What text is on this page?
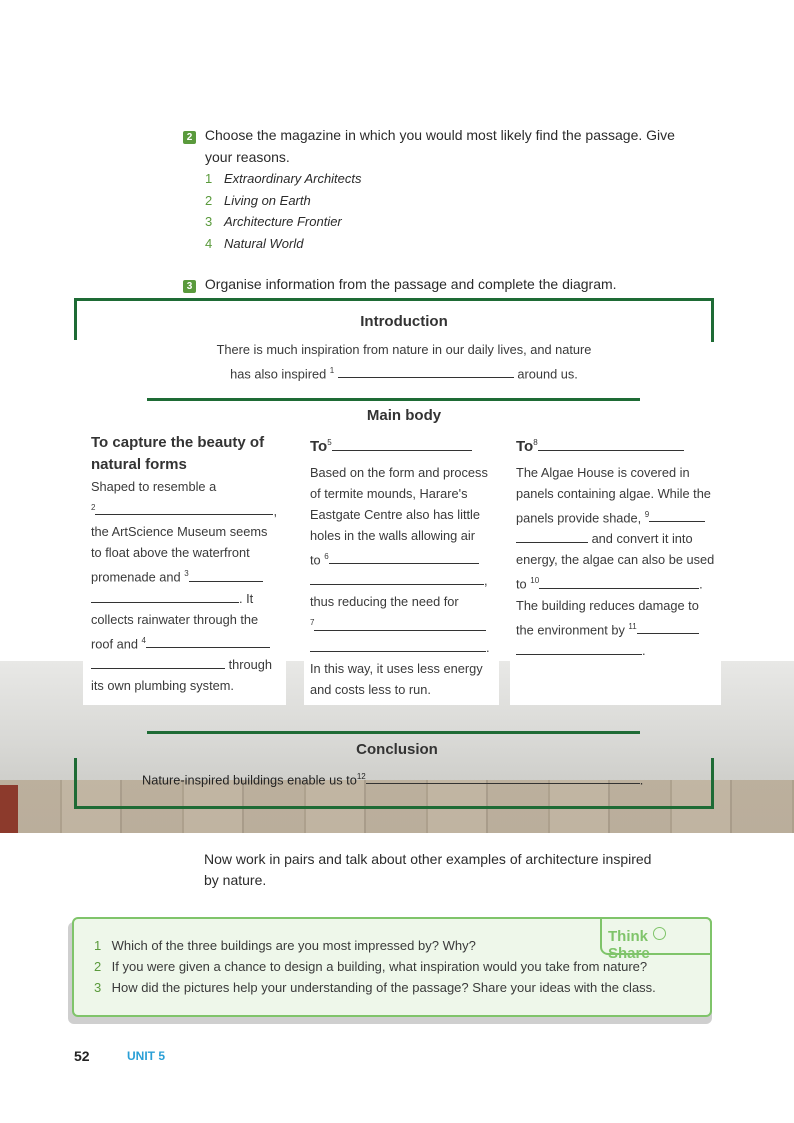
2 Choose the magazine in which you would most likely find the passage. Give
your reasons.
1 Extraordinary Architects
2 Living on Earth
3 Architecture Frontier
4 Natural World
3 Organise information from the passage and complete the diagram.
Introduction
There is much inspiration from nature in our daily lives, and nature
has also inspired $^1$	around us.
Main body
To capture the beauty of
natural forms
Shaped to resemble a
$^2$	,
the ArtScience Museum seems
to float above the waterfront
promenade and $^3$
. It
collects rainwater through the
roof and $^4$
through
its own plumbing system.
To$^5$
Based on the form and process
of termite mounds, Harare's
Eastgate Centre also has little
holes in the walls allowing air
to $^6$
,
thus reducing the need for
$^7$
.
In this way, it uses less energy
and costs less to run.
To$^8$
The Algae House is covered in
panels containing algae. While the
panels provide shade, $^9$
and convert it into
energy, the algae can also be used
to $^{10}$	.
The building reduces damage to
the environment by $^{11}$
.
Conclusion
Nature-inspired buildings enable us $to^{12}$	.
Now work in pairs and talk about other examples of architecture inspired
by nature.
Think  Share
1 Which of the three buildings are you most impressed by? Why?
2 If you were given a chance to design a building, what inspiration would you take from nature?
3 How did the pictures help your understanding of the passage? Share your ideas with the class.
52	UNIT 5
